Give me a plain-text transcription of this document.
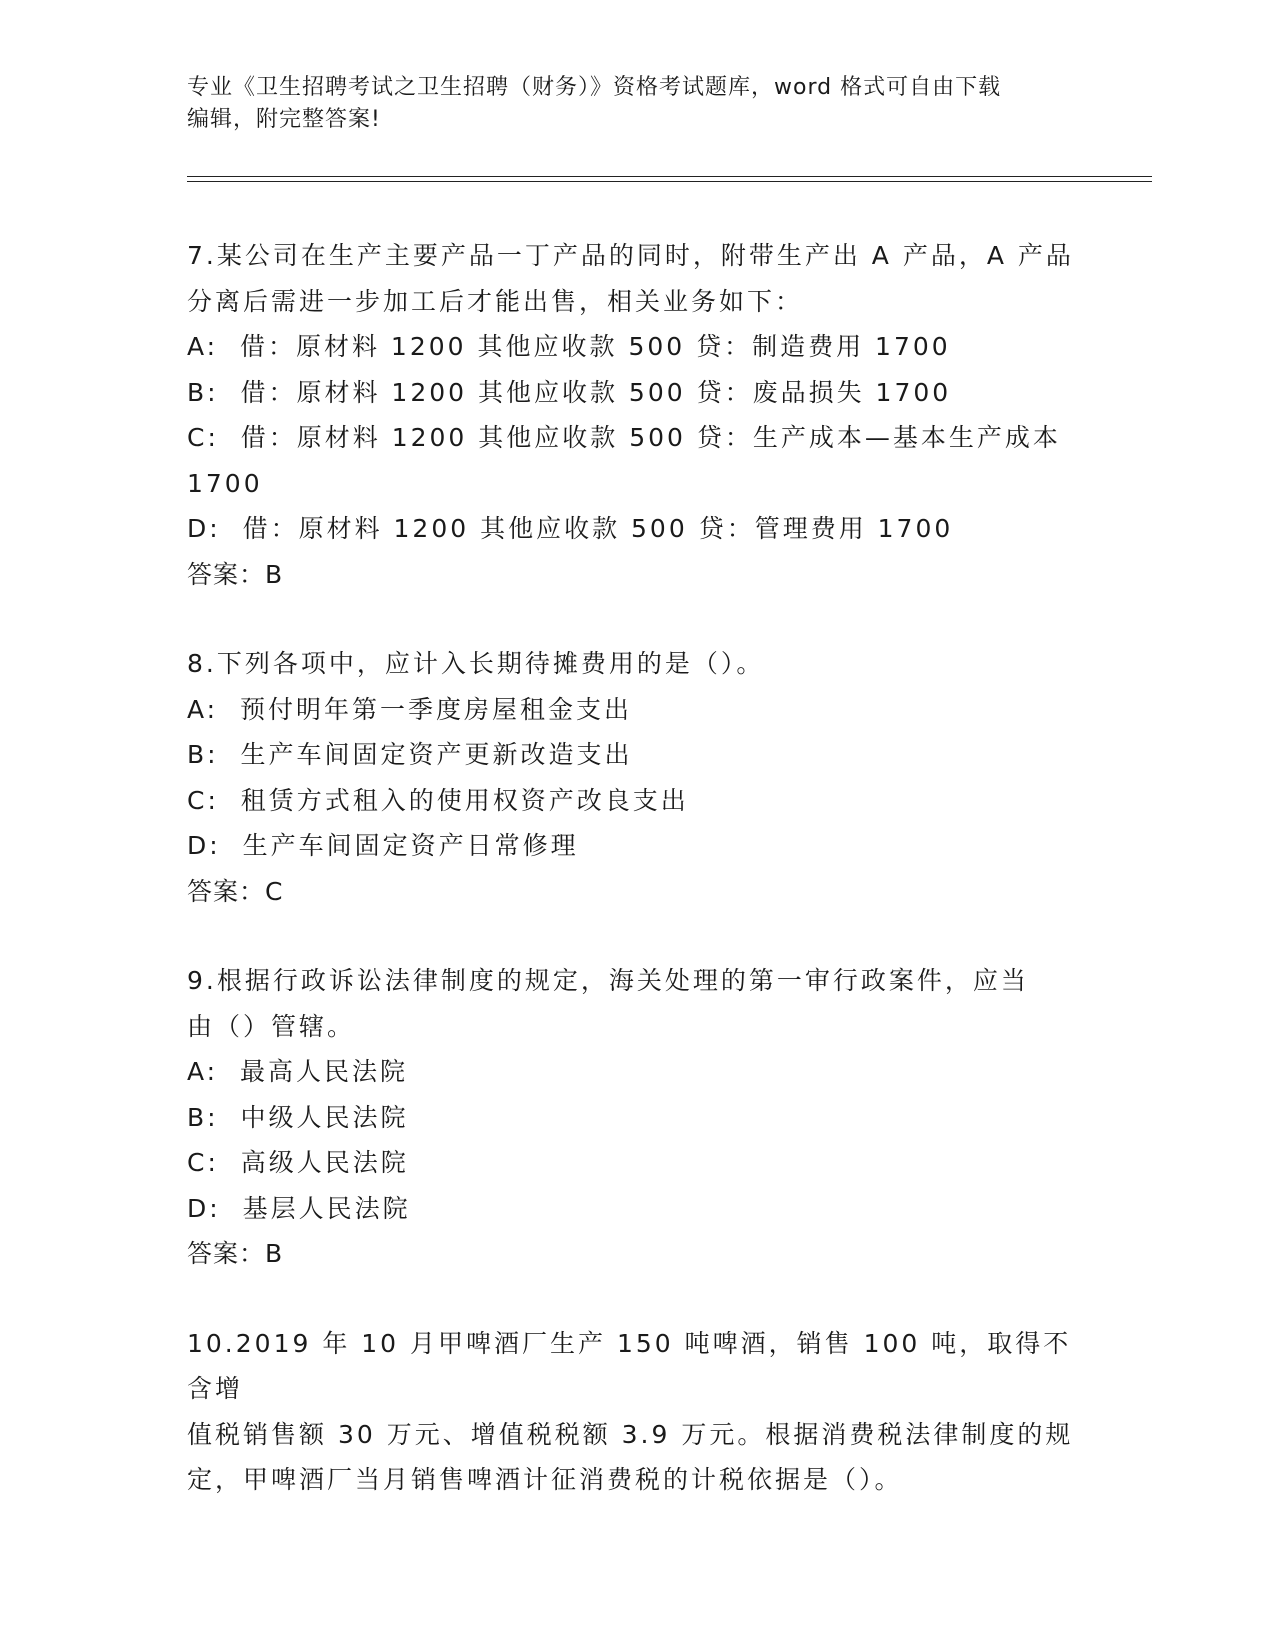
专业《卫生招聘考试之卫生招聘（财务）》资格考试题库，word 格式可自由下载
编辑，附完整答案!
7.某公司在生产主要产品一丁产品的同时，附带生产出 A 产品，A 产品
分离后需进一步加工后才能出售，相关业务如下：
A:  借：原材料 1200 其他应收款 500 贷：制造费用 1700
B:  借：原材料 1200 其他应收款 500 贷：废品损失 1700
C:  借：原材料 1200 其他应收款 500 贷：生产成本—基本生产成本
1700
D:  借：原材料 1200 其他应收款 500 贷：管理费用 1700
答案：B
8.下列各项中，应计入长期待摊费用的是（）。
A:  预付明年第一季度房屋租金支出
B:  生产车间固定资产更新改造支出
C:  租赁方式租入的使用权资产改良支出
D:  生产车间固定资产日常修理
答案：C
9.根据行政诉讼法律制度的规定，海关处理的第一审行政案件，应当
由（）管辖。
A:  最高人民法院
B:  中级人民法院
C:  高级人民法院
D:  基层人民法院
答案：B
10.2019 年 10 月甲啤酒厂生产 150 吨啤酒，销售 100 吨，取得不含增
值税销售额 30 万元、增值税税额 3.9 万元。根据消费税法律制度的规
定，甲啤酒厂当月销售啤酒计征消费税的计税依据是（）。
